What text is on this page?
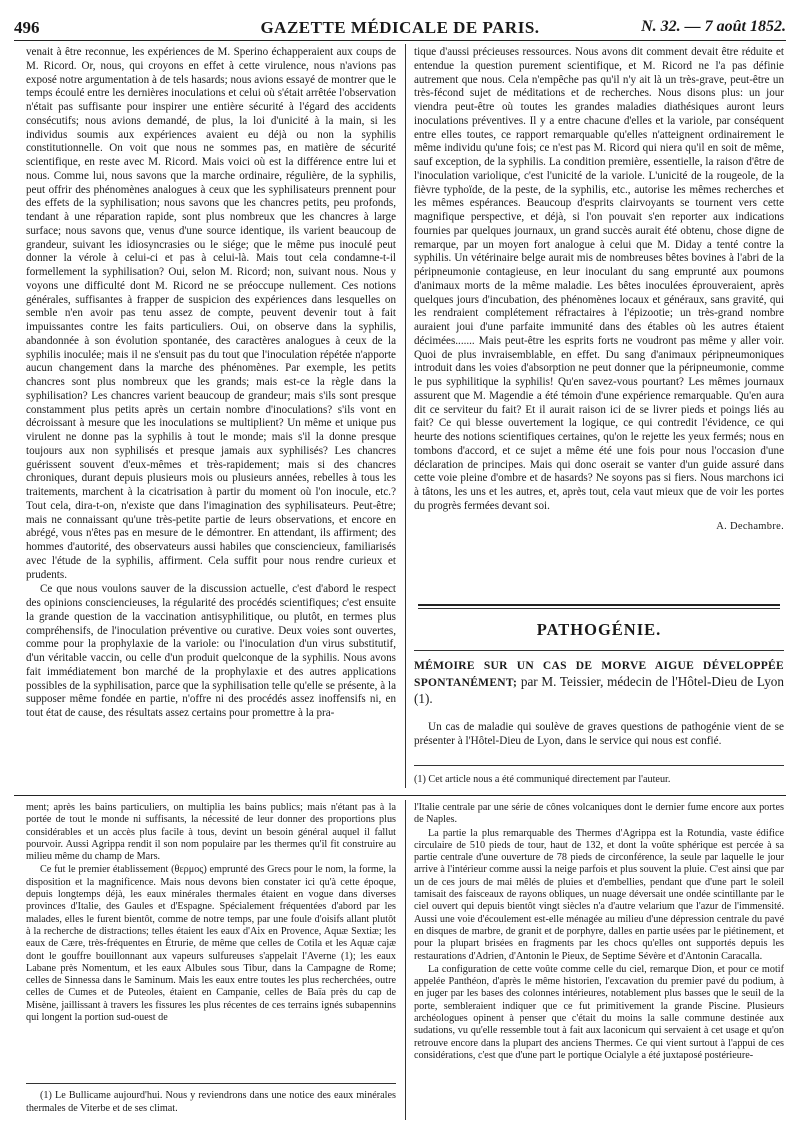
496	GAZETTE MÉDICALE DE PARIS.	N. 32. — 7 août 1852.

venait à être reconnue, les expériences de M. Sperino échapperaient aux coups de M. Ricord. Or, nous, qui croyons en effet à cette virulence, nous n'avions pas exposé notre argumentation à de tels hasards; nous avions essayé de montrer que le temps écoulé entre les dernières inoculations et celui où s'était arrêtée l'observation n'était pas suffisante pour inspirer une entière sécurité à l'égard des accidents consécutifs; nous avions demandé, de plus, la loi d'unicité à la main, si les individus soumis aux expériences avaient eu déjà ou non la syphilis constitutionnelle. On voit que nous ne sommes pas, en matière de sécurité scientifique, en reste avec M. Ricord. Mais voici où est la différence entre lui et nous. Comme lui, nous savons que la marche ordinaire, régulière, de la syphilis, peut offrir des phénomènes analogues à ceux que les syphilisateurs prennent pour des effets de la syphilisation; nous savons que les chancres petits, peu profonds, tendant à une réparation rapide, sont plus nombreux que les chancres à large surface; nous savons que, venus d'une source identique, ils varient beaucoup de grandeur, suivant les idiosyncrasies ou le siége; que le même pus inoculé peut donner la vérole à celui-ci et pas à celui-là. Mais tout cela condamne-t-il formellement la syphilisation? Oui, selon M. Ricord; non, suivant nous. Nous y voyons une difficulté dont M. Ricord ne se préoccupe nullement. Ces notions générales, suffisantes à frapper de suspicion des expériences dans lesquelles on semble n'en avoir pas tenu assez de compte, peuvent devenir tout à fait impuissantes contre les faits particuliers. Oui, on observe dans la syphilis, abandonnée à son évolution spontanée, des caractères analogues à ceux de la syphilis inoculée; mais il ne s'ensuit pas du tout que l'inoculation répétée n'apporte aucun changement dans la marche des phénomènes. Par exemple, les petits chancres sont plus nombreux que les grands; mais est-ce la règle dans la syphilisation? Les chancres varient beaucoup de grandeur; mais s'ils sont presque constamment plus petits après un certain nombre d'inoculations? s'ils vont en décroissant à mesure que les inoculations se multiplient? Un même et unique pus virulent ne donne pas la syphilis à tout le monde; mais s'il la donne presque toujours aux non syphilisés et presque jamais aux syphilisés? Les chancres guérissent souvent d'eux-mêmes et très-rapidement; mais si des chancres chroniques, durant depuis plusieurs mois ou plusieurs années, rebelles à tous les traitements, marchent à la cicatrisation à partir du moment où l'on inocule, etc.? Tout cela, dira-t-on, n'existe que dans l'imagination des syphilisateurs. Peut-être; mais ne connaissant qu'une très-petite partie de leurs observations, et encore en abrégé, vous n'êtes pas en mesure de le démontrer. En attendant, ils affirment; des hommes d'autorité, des observateurs aussi habiles que consciencieux, familiarisés avec l'étude de la syphilis, affirment. Cela suffit pour nous rendre curieux et prudents.

Ce que nous voulons sauver de la discussion actuelle, c'est d'abord le respect des opinions consciencieuses, la régularité des procédés scientifiques; c'est ensuite la grande question de la vaccination antisyphilitique, ou plutôt, en termes plus compréhensifs, de l'inoculation préventive ou curative. Deux voies sont ouvertes, comme pour la prophylaxie de la variole: ou l'inoculation d'un virus substitutif, d'un véritable vaccin, ou celle d'un produit quelconque de la syphilis. Nous avons fait immédiatement bon marché de la prophylaxie et des autres applications possibles de la syphilisation, parce que la syphilisation telle qu'elle se présente, à la supposer même fondée en partie, n'offre ni des procédés assez inoffensifs ni, en tout état de cause, des résultats assez certains pour promettre à la pra-

tique d'aussi précieuses ressources. Nous avons dit comment devait être réduite et entendue la question purement scientifique, et M. Ricord ne l'a pas définie autrement que nous. Cela n'empêche pas qu'il n'y ait là un très-grave, peut-être un très-fécond sujet de méditations et de recherches. Nous disons plus: un jour viendra peut-être où toutes les grandes maladies diathésiques auront leurs inoculations préventives. Il y a entre chacune d'elles et la variole, par conséquent entre elles toutes, ce rapport remarquable qu'elles n'atteignent ordinairement le même individu qu'une fois; ce n'est pas M. Ricord qui niera qu'il en soit de même, sauf exception, de la syphilis. La condition première, essentielle, la raison d'être de l'inoculation variolique, c'est l'unicité de la variole. L'unicité de la rougeole, de la fièvre typhoïde, de la peste, de la syphilis, etc., autorise les mêmes recherches et les mêmes espérances. Beaucoup d'esprits clairvoyants se tournent vers cette magnifique perspective, et déjà, si l'on pouvait s'en reporter aux indications fournies par quelques journaux, un grand succès aurait été obtenu, chose digne de remarque, par un moyen fort analogue à celui que M. Diday a tenté contre la syphilis. Un vétérinaire belge aurait mis de nombreuses bêtes bovines à l'abri de la péripneumonie contagieuse, en leur inoculant du sang emprunté aux poumons d'animaux morts de la même maladie. Les bêtes inoculées éprouveraient, après quelques jours d'incubation, des phénomènes locaux et généraux, sans gravité, qui les rendraient complétement réfractaires à l'épizootie; un très-grand nombre auraient joui d'une parfaite immunité dans des étables où les autres étaient décimées....... Mais peut-être les esprits forts ne voudront pas même y aller voir. Quoi de plus invraisemblable, en effet. Du sang d'animaux péripneumoniques introduit dans les voies d'absorption ne peut donner que la péripneumonie, comme le pus syphilitique la syphilis! Qu'en savez-vous pourtant? Les mêmes journaux assurent que M. Magendie a été témoin d'une expérience remarquable. Qu'en aura dit ce serviteur du fait? Et il aurait raison ici de se livrer pieds et poings liés au fait? Ce qui blesse ouvertement la logique, ce qui contredit l'évidence, ce qui heurte des notions scientifiques certaines, qu'on le rejette les yeux fermés; nous en tombons d'accord, et ce sujet a même été une fois pour nous l'occasion d'une déclaration de principes. Mais qui donc oserait se vanter d'un guide assuré dans cette voie pleine d'ombre et de hasards? Ne soyons pas si fiers. Nous marchons ici à tâtons, les uns et les autres, et, après tout, cela vaut mieux que de voir les portes du progrès fermées devant soi.

A. Dechambre.

PATHOGÉNIE.

MÉMOIRE SUR UN CAS DE MORVE AIGUE DÉVELOPPÉE SPONTANÉMENT; par M. Teissier, médecin de l'Hôtel-Dieu de Lyon (1).

Un cas de maladie qui soulève de graves questions de pathogénie vient de se présenter à l'Hôtel-Dieu de Lyon, dans le service qui nous est confié.

(1) Cet article nous a été communiqué directement par l'auteur.

ment; après les bains particuliers, on multiplia les bains publics; mais n'étant pas à la portée de tout le monde ni suffisants, la nécessité de leur donner des proportions plus considérables et un accès plus facile à tous, devint un besoin général auquel il fallut pourvoir. Aussi Agrippa rendit il son nom populaire par les thermes qu'il fit construire au milieu même du champ de Mars.

Ce fut le premier établissement (θερμος) emprunté des Grecs pour le nom, la forme, la disposition et la magnificence. Mais nous devons bien constater ici qu'à cette époque, depuis longtemps déjà, les eaux minérales thermales étaient en vogue dans diverses provinces d'Italie, des Gaules et d'Espagne. Spécialement fréquentées d'abord par les malades, elles le furent bientôt, comme de notre temps, par une foule d'oisifs allant plutôt à la recherche de distractions; telles étaient les eaux d'Aix en Provence, Aquæ Sextiæ; les eaux de Cære, très-fréquentes en Étrurie, de même que celles de Cotila et les Aquæ cajæ dont le gouffre bouillonnant aux vapeurs sulfureuses s'appelait l'Averne (1); les eaux Labane près Nomentum, et les eaux Albules sous Tibur, dans la Campagne de Rome; celles de Sinnessa dans le Saminum. Mais les eaux entre toutes les plus recherchées, outre celles de Cumes et de Puteoles, étaient en Campanie, celles de Baïa près du cap de Misène, jaillissant à travers les fissures les plus récentes de ces terrains ignés subapennins qui longent la portion sud-ouest de

(1) Le Bullicame aujourd'hui. Nous y reviendrons dans une notice des eaux minérales thermales de Viterbe et de ses climat.

l'Italie centrale par une série de cônes volcaniques dont le dernier fume encore aux portes de Naples.

La partie la plus remarquable des Thermes d'Agrippa est la Rotundia, vaste édifice circulaire de 510 pieds de tour, haut de 132, et dont la voûte sphérique est percée à sa partie centrale d'une ouverture de 78 pieds de circonférence, la seule par laquelle le jour arrive à l'intérieur comme aussi la neige parfois et plus souvent la pluie. C'est ainsi que par un de ces jours de mai mêlés de pluies et d'embellies, pendant que d'une part le soleil tamisait des faisceaux de rayons obliques, un nuage déversait une ondée scintillante par le ciel ouvert qui depuis bientôt vingt siècles n'a d'autre velarium que l'azur de l'immensité. Aussi une voie d'écoulement est-elle ménagée au milieu d'une dépression centrale du pavé en disques de marbre, de granit et de porphyre, dalles en partie usées par le piétinement, et pour la plupart brisées en fragments par les chocs qu'elles ont supportés depuis les restaurations d'Adrien, d'Antonin le Pieux, de Septime Sévère et d'Antonin Caracalla.

La configuration de cette voûte comme celle du ciel, remarque Dion, et pour ce motif appelée Panthéon, d'après le même historien, l'excavation du premier pavé du podium, à en juger par les bases des colonnes intérieures, notablement plus basses que le seuil de la porte, sembleraient indiquer que ce fut primitivement la grande Piscine. Plusieurs archéologues opinent à penser que c'était du moins la salle commune destinée aux sudations, vu qu'elle ressemble tout à fait aux laconicum qui servaient à cet usage et qu'on retrouve encore dans la plupart des anciens Thermes. Ce qui vient surtout à l'appui de ces considérations, c'est que d'une part le portique Ocialyle a été juxtaposé postérieure-
